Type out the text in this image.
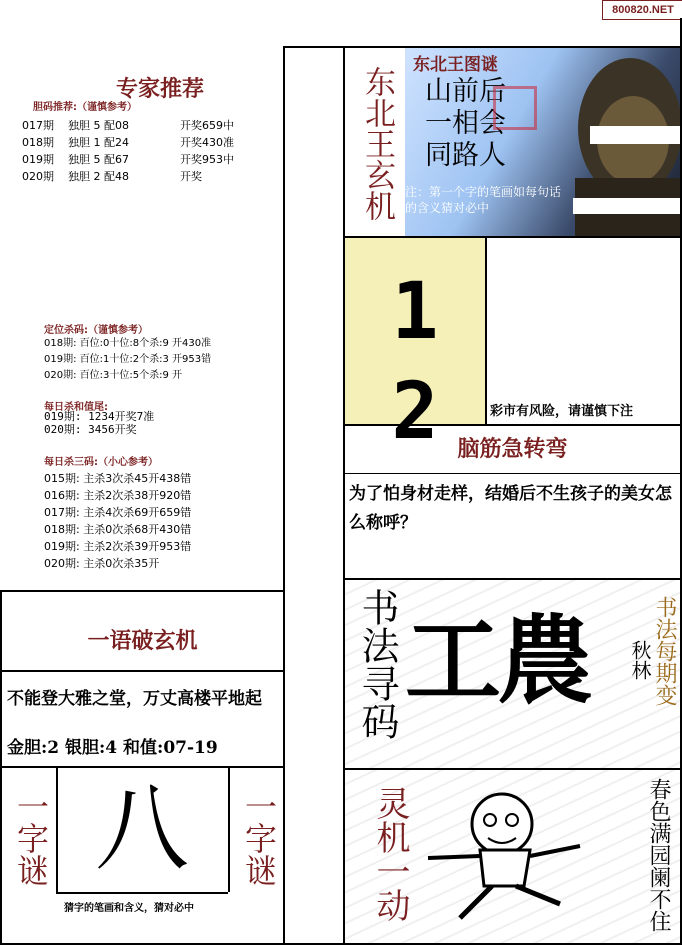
800820.NET
专家推荐
胆码推荐:（谨慎参考）
017期 独胆 5 配08	开奖659中
018期 独胆 1 配24	开奖430准
019期 独胆 5 配67	开奖953中
020期 独胆 2 配48	开奖
定位杀码:（谨慎参考）
018期: 百位:0十位:8个杀:9 开430准
019期: 百位:1十位:2个杀:3 开953错
020期: 百位:3十位:5个杀:9 开
每日杀和值尾:
019期: 1234开奖7准
020期: 3456开奖
每日杀三码:（小心参考）
015期: 主杀3次杀45开438错
016期: 主杀2次杀38开920错
017期: 主杀4次杀69开659错
018期: 主杀0次杀68开430错
019期: 主杀2次杀39开953错
020期: 主杀0次杀35开
一语破玄机
不能登大雅之堂，万丈高楼平地起
金胆:2 银胆:4 和值:07-19
一字谜	一字谜
八
猜字的笔画和含义，猜对必中
东北王玄机
东北王图谜
山前后
一相会
同路人
注：第一个字的笔画如每句话的含义猜对必中
1 2	彩市有风险，请谨慎下注
脑筋急转弯
为了怕身材走样，结婚后不生孩子的美女怎么称呼？
书法寻码 工農 秋林 书法每期变
灵机一动	春色满园阑不住
